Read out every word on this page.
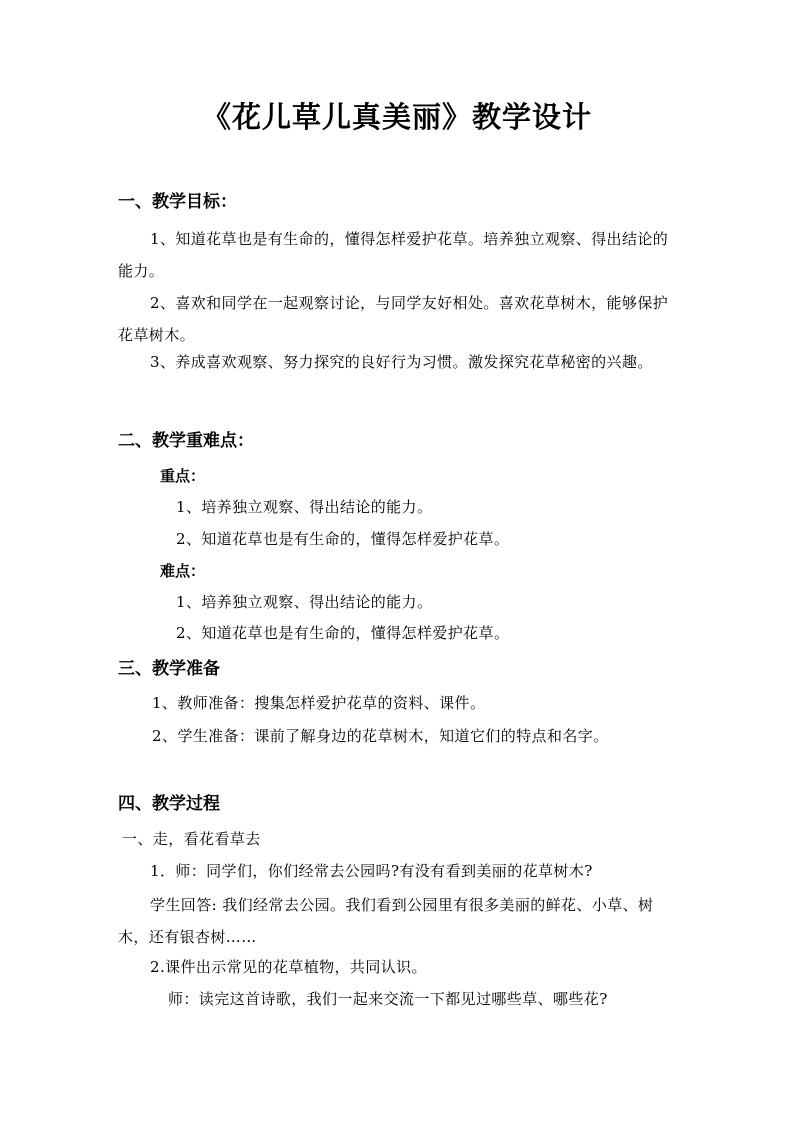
《花儿草儿真美丽》教学设计
一、教学目标：
1、知道花草也是有生命的，懂得怎样爱护花草。培养独立观察、得出结论的能力。
2、喜欢和同学在一起观察讨论，与同学友好相处。喜欢花草树木，能够保护花草树木。
3、养成喜欢观察、努力探究的良好行为习惯。激发探究花草秘密的兴趣。
二、教学重难点：
重点：
1、培养独立观察、得出结论的能力。
2、知道花草也是有生命的，懂得怎样爱护花草。
难点：
1、培养独立观察、得出结论的能力。
2、知道花草也是有生命的，懂得怎样爱护花草。
三、教学准备
1、教师准备：搜集怎样爱护花草的资料、课件。
2、学生准备：课前了解身边的花草树木，知道它们的特点和名字。
四、教学过程
一、走，看花看草去
1．师：同学们，你们经常去公园吗?有没有看到美丽的花草树木?
学生回答: 我们经常去公园。我们看到公园里有很多美丽的鲜花、小草、树木，还有银杏树……
2.课件出示常见的花草植物，共同认识。
师：读完这首诗歌，我们一起来交流一下都见过哪些草、哪些花?
